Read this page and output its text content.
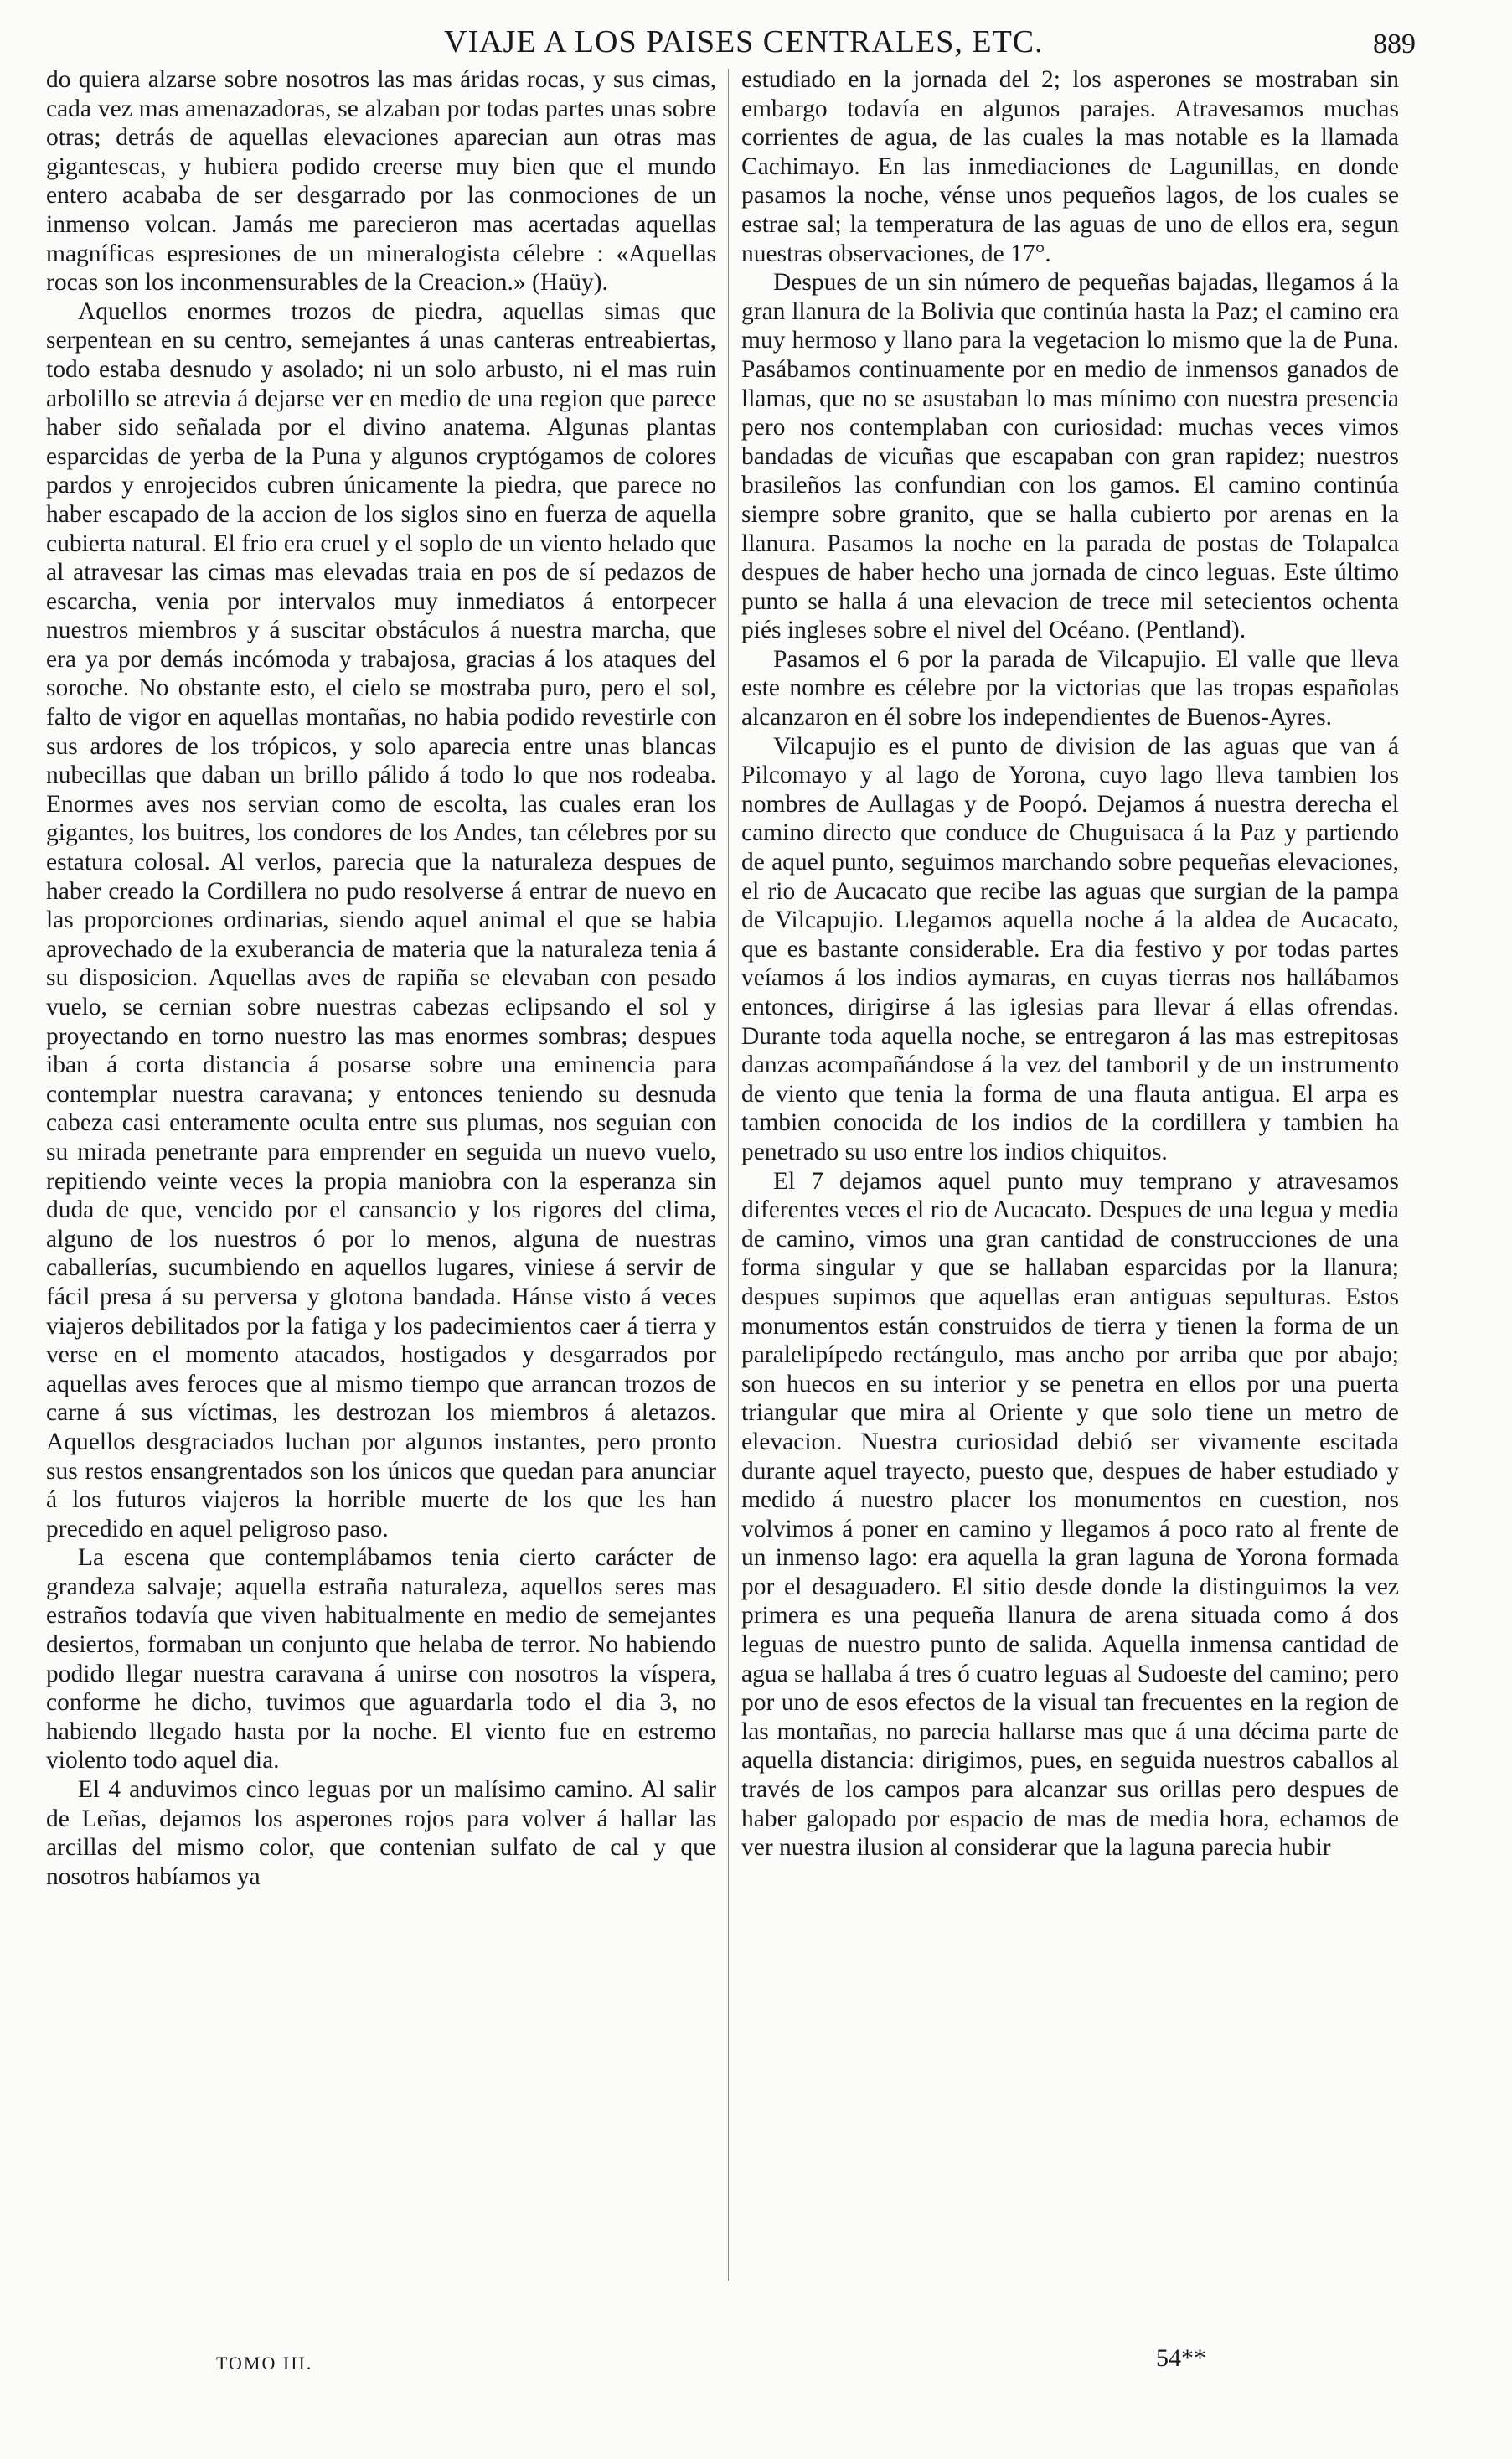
VIAJE A LOS PAISES CENTRALES, ETC.	889

do quiera alzarse sobre nosotros las mas áridas rocas, y sus cimas, cada vez mas amenazadoras, se alzaban por todas partes unas sobre otras; detrás de aquellas elevaciones aparecian aun otras mas gigantescas, y hubiera podido creerse muy bien que el mundo entero acababa de ser desgarrado por las conmociones de un inmenso volcan. Jamás me parecieron mas acertadas aquellas magníficas espresiones de un mineralogista célebre : «Aquellas rocas son los inconmensurables de la Creacion.» (Haüy).

Aquellos enormes trozos de piedra, aquellas simas que serpentean en su centro, semejantes á unas canteras entreabiertas, todo estaba desnudo y asolado; ni un solo arbusto, ni el mas ruin arbolillo se atrevia á dejarse ver en medio de una region que parece haber sido señalada por el divino anatema. Algunas plantas esparcidas de yerba de la Puna y algunos cryptógamos de colores pardos y enrojecidos cubren únicamente la piedra, que parece no haber escapado de la accion de los siglos sino en fuerza de aquella cubierta natural. El frio era cruel y el soplo de un viento helado que al atravesar las cimas mas elevadas traia en pos de sí pedazos de escarcha, venia por intervalos muy inmediatos á entorpecer nuestros miembros y á suscitar obstáculos á nuestra marcha, que era ya por demás incómoda y trabajosa, gracias á los ataques del soroche. No obstante esto, el cielo se mostraba puro, pero el sol, falto de vigor en aquellas montañas, no habia podido revestirle con sus ardores de los trópicos, y solo aparecia entre unas blancas nubecillas que daban un brillo pálido á todo lo que nos rodeaba. Enormes aves nos servian como de escolta, las cuales eran los gigantes, los buitres, los condores de los Andes, tan célebres por su estatura colosal. Al verlos, parecia que la naturaleza despues de haber creado la Cordillera no pudo resolverse á entrar de nuevo en las proporciones ordinarias, siendo aquel animal el que se habia aprovechado de la exuberancia de materia que la naturaleza tenia á su disposicion. Aquellas aves de rapiña se elevaban con pesado vuelo, se cernian sobre nuestras cabezas eclipsando el sol y proyectando en torno nuestro las mas enormes sombras; despues iban á corta distancia á posarse sobre una eminencia para contemplar nuestra caravana; y entonces teniendo su desnuda cabeza casi enteramente oculta entre sus plumas, nos seguian con su mirada penetrante para emprender en seguida un nuevo vuelo, repitiendo veinte veces la propia maniobra con la esperanza sin duda de que, vencido por el cansancio y los rigores del clima, alguno de los nuestros ó por lo menos, alguna de nuestras caballerías, sucumbiendo en aquellos lugares, viniese á servir de fácil presa á su perversa y glotona bandada. Hánse visto á veces viajeros debilitados por la fatiga y los padecimientos caer á tierra y verse en el momento atacados, hostigados y desgarrados por aquellas aves feroces que al mismo tiempo que arrancan trozos de carne á sus víctimas, les destrozan los miembros á aletazos. Aquellos desgraciados luchan por algunos instantes, pero pronto sus restos ensangrentados son los únicos que quedan para anunciar á los futuros viajeros la horrible muerte de los que les han precedido en aquel peligroso paso.

La escena que contemplábamos tenia cierto carácter de grandeza salvaje; aquella estraña naturaleza, aquellos seres mas estraños todavía que viven habitualmente en medio de semejantes desiertos, formaban un conjunto que helaba de terror. No habiendo podido llegar nuestra caravana á unirse con nosotros la víspera, conforme he dicho, tuvimos que aguardarla todo el dia 3, no habiendo llegado hasta por la noche. El viento fue en estremo violento todo aquel dia.

El 4 anduvimos cinco leguas por un malísimo camino. Al salir de Leñas, dejamos los asperones rojos para volver á hallar las arcillas del mismo color, que contenian sulfato de cal y que nosotros habíamos ya

estudiado en la jornada del 2; los asperones se mostraban sin embargo todavía en algunos parajes. Atravesamos muchas corrientes de agua, de las cuales la mas notable es la llamada Cachimayo. En las inmediaciones de Lagunillas, en donde pasamos la noche, vénse unos pequeños lagos, de los cuales se estrae sal; la temperatura de las aguas de uno de ellos era, segun nuestras observaciones, de 17°.

Despues de un sin número de pequeñas bajadas, llegamos á la gran llanura de la Bolivia que continúa hasta la Paz; el camino era muy hermoso y llano para la vegetacion lo mismo que la de Puna. Pasábamos continuamente por en medio de inmensos ganados de llamas, que no se asustaban lo mas mínimo con nuestra presencia pero nos contemplaban con curiosidad: muchas veces vimos bandadas de vicuñas que escapaban con gran rapidez; nuestros brasileños las confundian con los gamos. El camino continúa siempre sobre granito, que se halla cubierto por arenas en la llanura. Pasamos la noche en la parada de postas de Tolapalca despues de haber hecho una jornada de cinco leguas. Este último punto se halla á una elevacion de trece mil setecientos ochenta piés ingleses sobre el nivel del Océano. (Pentland).

Pasamos el 6 por la parada de Vilcapujio. El valle que lleva este nombre es célebre por la victorias que las tropas españolas alcanzaron en él sobre los independientes de Buenos-Ayres.

Vilcapujio es el punto de division de las aguas que van á Pilcomayo y al lago de Yorona, cuyo lago lleva tambien los nombres de Aullagas y de Poopó. Dejamos á nuestra derecha el camino directo que conduce de Chuguisaca á la Paz y partiendo de aquel punto, seguimos marchando sobre pequeñas elevaciones, el rio de Aucacato que recibe las aguas que surgian de la pampa de Vilcapujio. Llegamos aquella noche á la aldea de Aucacato, que es bastante considerable. Era dia festivo y por todas partes veíamos á los indios aymaras, en cuyas tierras nos hallábamos entonces, dirigirse á las iglesias para llevar á ellas ofrendas. Durante toda aquella noche, se entregaron á las mas estrepitosas danzas acompañándose á la vez del tamboril y de un instrumento de viento que tenia la forma de una flauta antigua. El arpa es tambien conocida de los indios de la cordillera y tambien ha penetrado su uso entre los indios chiquitos.

El 7 dejamos aquel punto muy temprano y atravesamos diferentes veces el rio de Aucacato. Despues de una legua y media de camino, vimos una gran cantidad de construcciones de una forma singular y que se hallaban esparcidas por la llanura; despues supimos que aquellas eran antiguas sepulturas. Estos monumentos están construidos de tierra y tienen la forma de un paralelipípedo rectángulo, mas ancho por arriba que por abajo; son huecos en su interior y se penetra en ellos por una puerta triangular que mira al Oriente y que solo tiene un metro de elevacion. Nuestra curiosidad debió ser vivamente escitada durante aquel trayecto, puesto que, despues de haber estudiado y medido á nuestro placer los monumentos en cuestion, nos volvimos á poner en camino y llegamos á poco rato al frente de un inmenso lago: era aquella la gran laguna de Yorona formada por el desaguadero. El sitio desde donde la distinguimos la vez primera es una pequeña llanura de arena situada como á dos leguas de nuestro punto de salida. Aquella inmensa cantidad de agua se hallaba á tres ó cuatro leguas al Sudoeste del camino; pero por uno de esos efectos de la visual tan frecuentes en la region de las montañas, no parecia hallarse mas que á una décima parte de aquella distancia: dirigimos, pues, en seguida nuestros caballos al través de los campos para alcanzar sus orillas pero despues de haber galopado por espacio de mas de media hora, echamos de ver nuestra ilusion al considerar que la laguna parecia hubir

TOMO III.	54**
